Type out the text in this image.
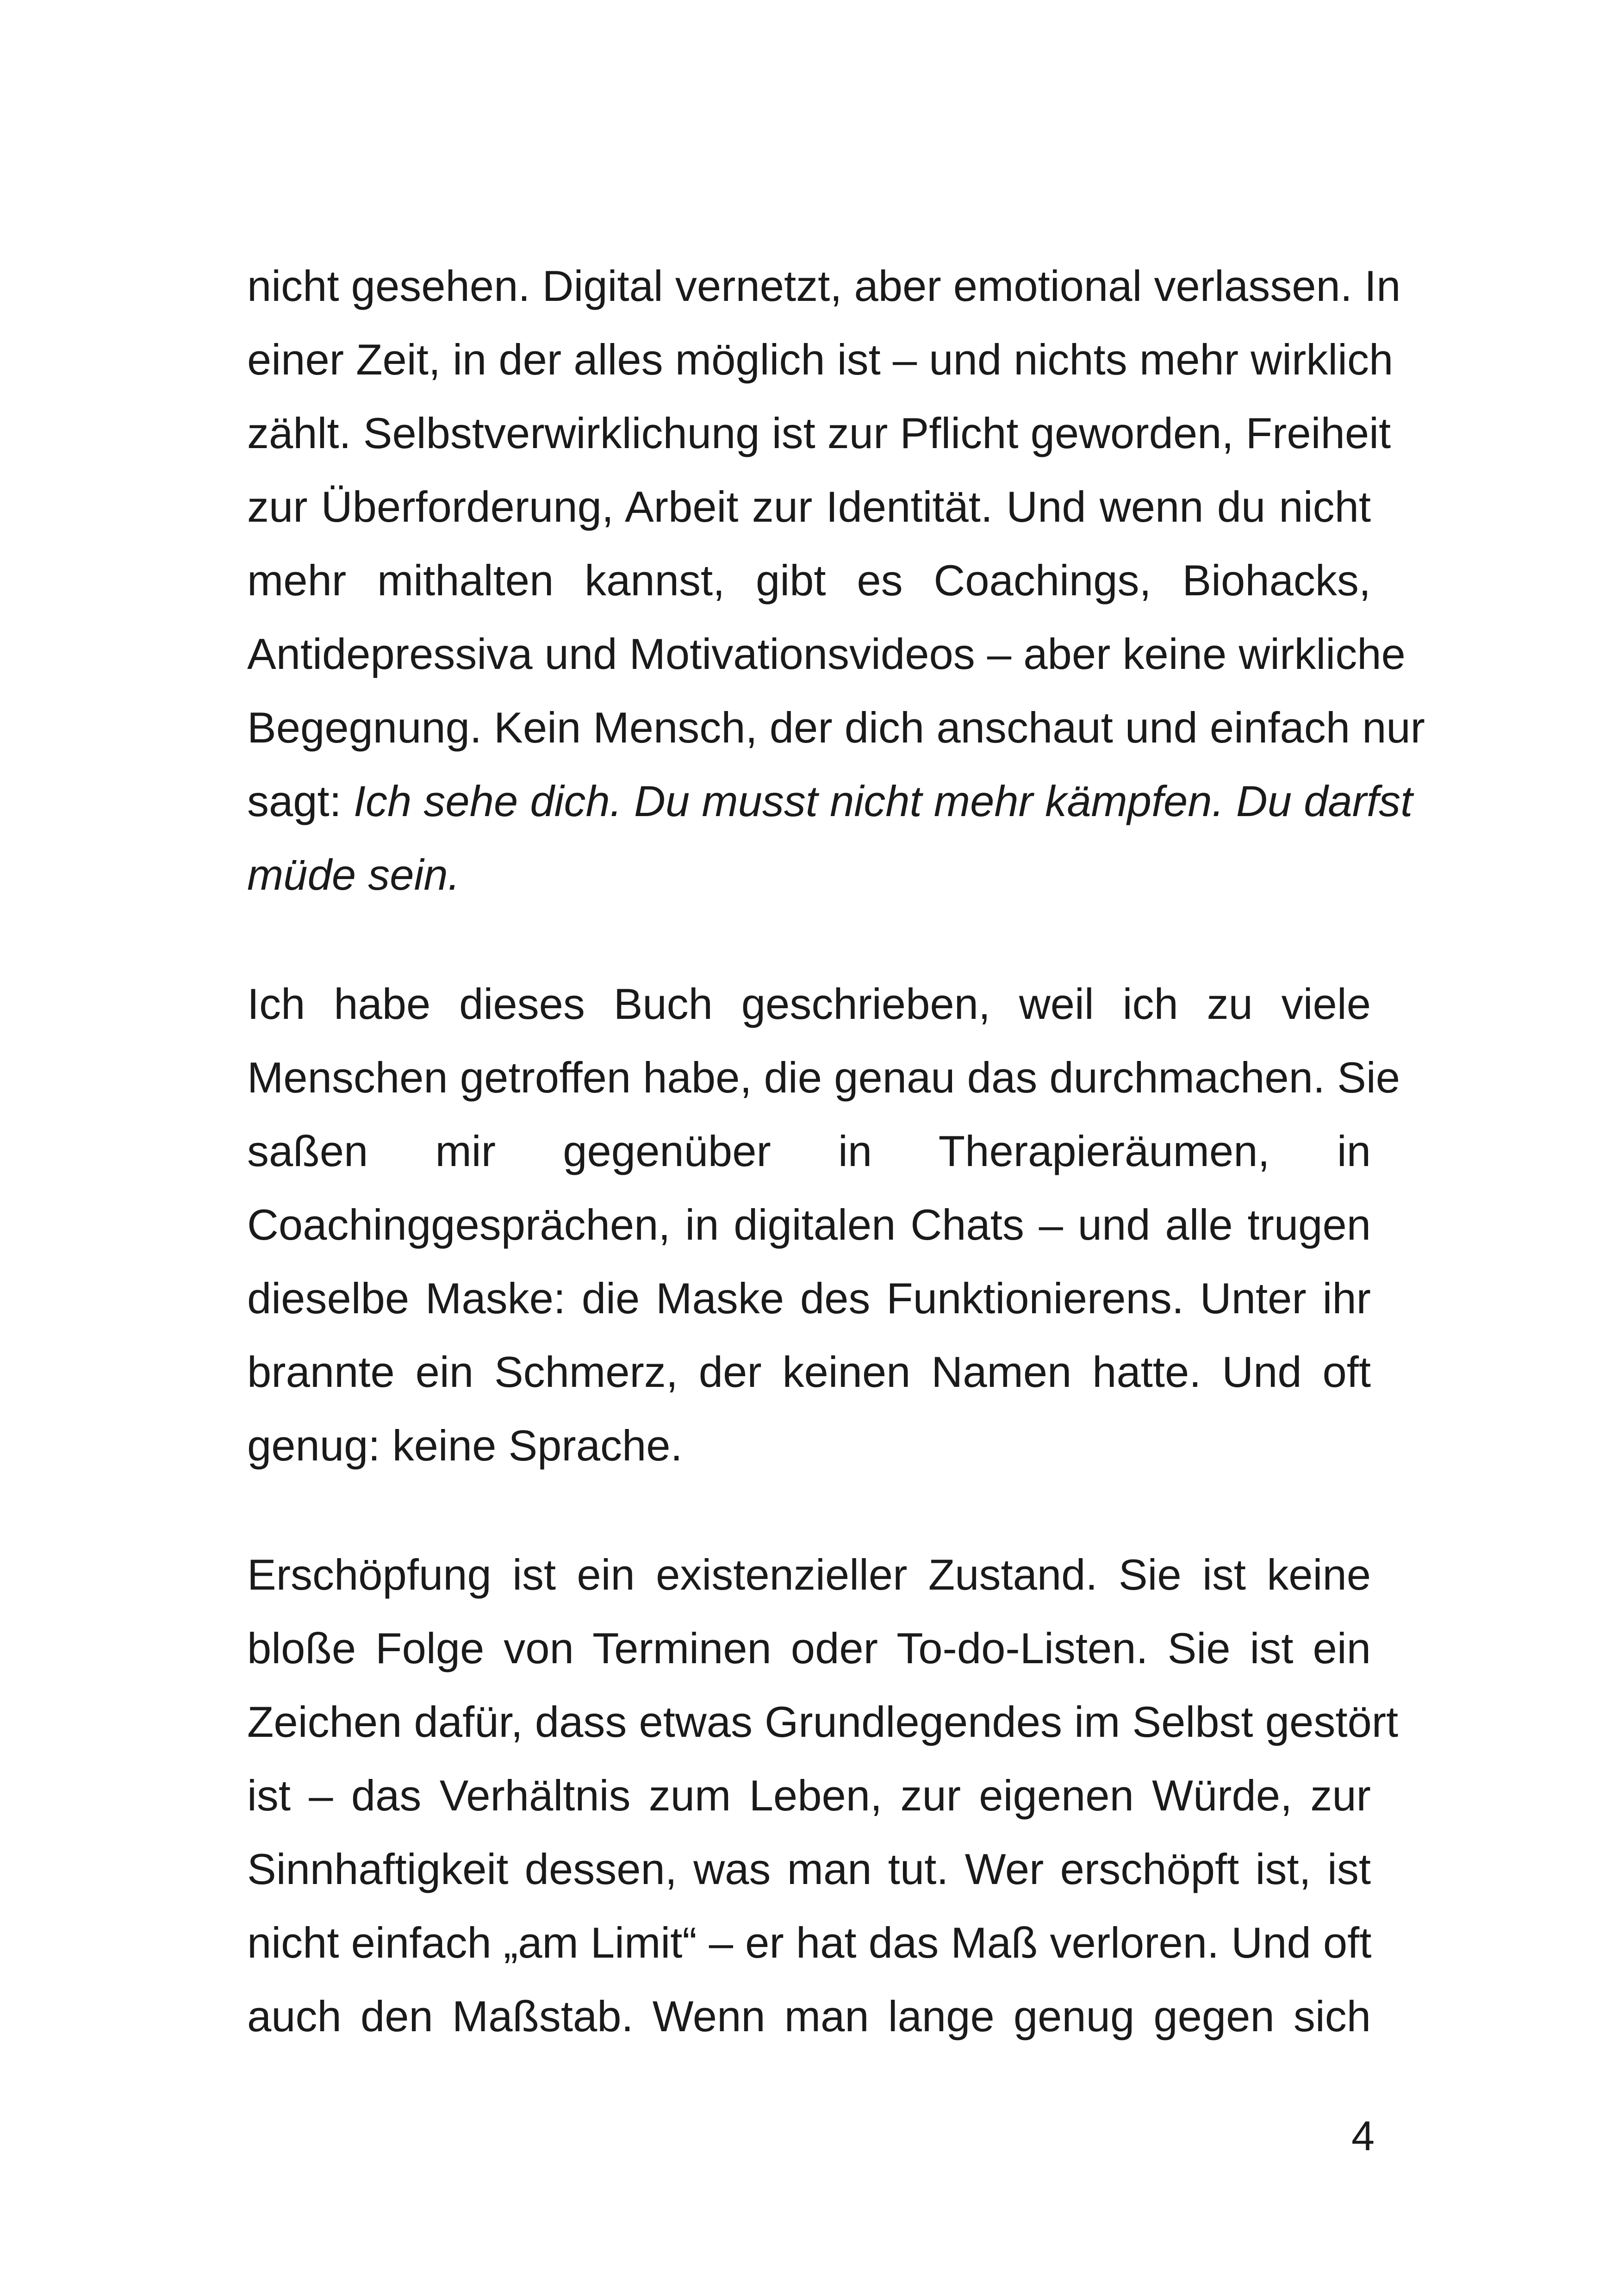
nicht gesehen. Digital vernetzt, aber emotional verlassen. In
einer Zeit, in der alles möglich ist – und nichts mehr wirklich
zählt. Selbstverwirklichung ist zur Pflicht geworden, Freiheit
zur Überforderung, Arbeit zur Identität. Und wenn du nicht
mehr mithalten kannst, gibt es Coachings, Biohacks,
Antidepressiva und Motivationsvideos – aber keine wirkliche
Begegnung. Kein Mensch, der dich anschaut und einfach nur
sagt: Ich sehe dich. Du musst nicht mehr kämpfen. Du darfst
müde sein.

Ich habe dieses Buch geschrieben, weil ich zu viele
Menschen getroffen habe, die genau das durchmachen. Sie
saßen mir gegenüber in Therapieräumen, in
Coachinggesprächen, in digitalen Chats – und alle trugen
dieselbe Maske: die Maske des Funktionierens. Unter ihr
brannte ein Schmerz, der keinen Namen hatte. Und oft
genug: keine Sprache.

Erschöpfung ist ein existenzieller Zustand. Sie ist keine
bloße Folge von Terminen oder To-do-Listen. Sie ist ein
Zeichen dafür, dass etwas Grundlegendes im Selbst gestört
ist – das Verhältnis zum Leben, zur eigenen Würde, zur
Sinnhaftigkeit dessen, was man tut. Wer erschöpft ist, ist
nicht einfach „am Limit“ – er hat das Maß verloren. Und oft
auch den Maßstab. Wenn man lange genug gegen sich

4
